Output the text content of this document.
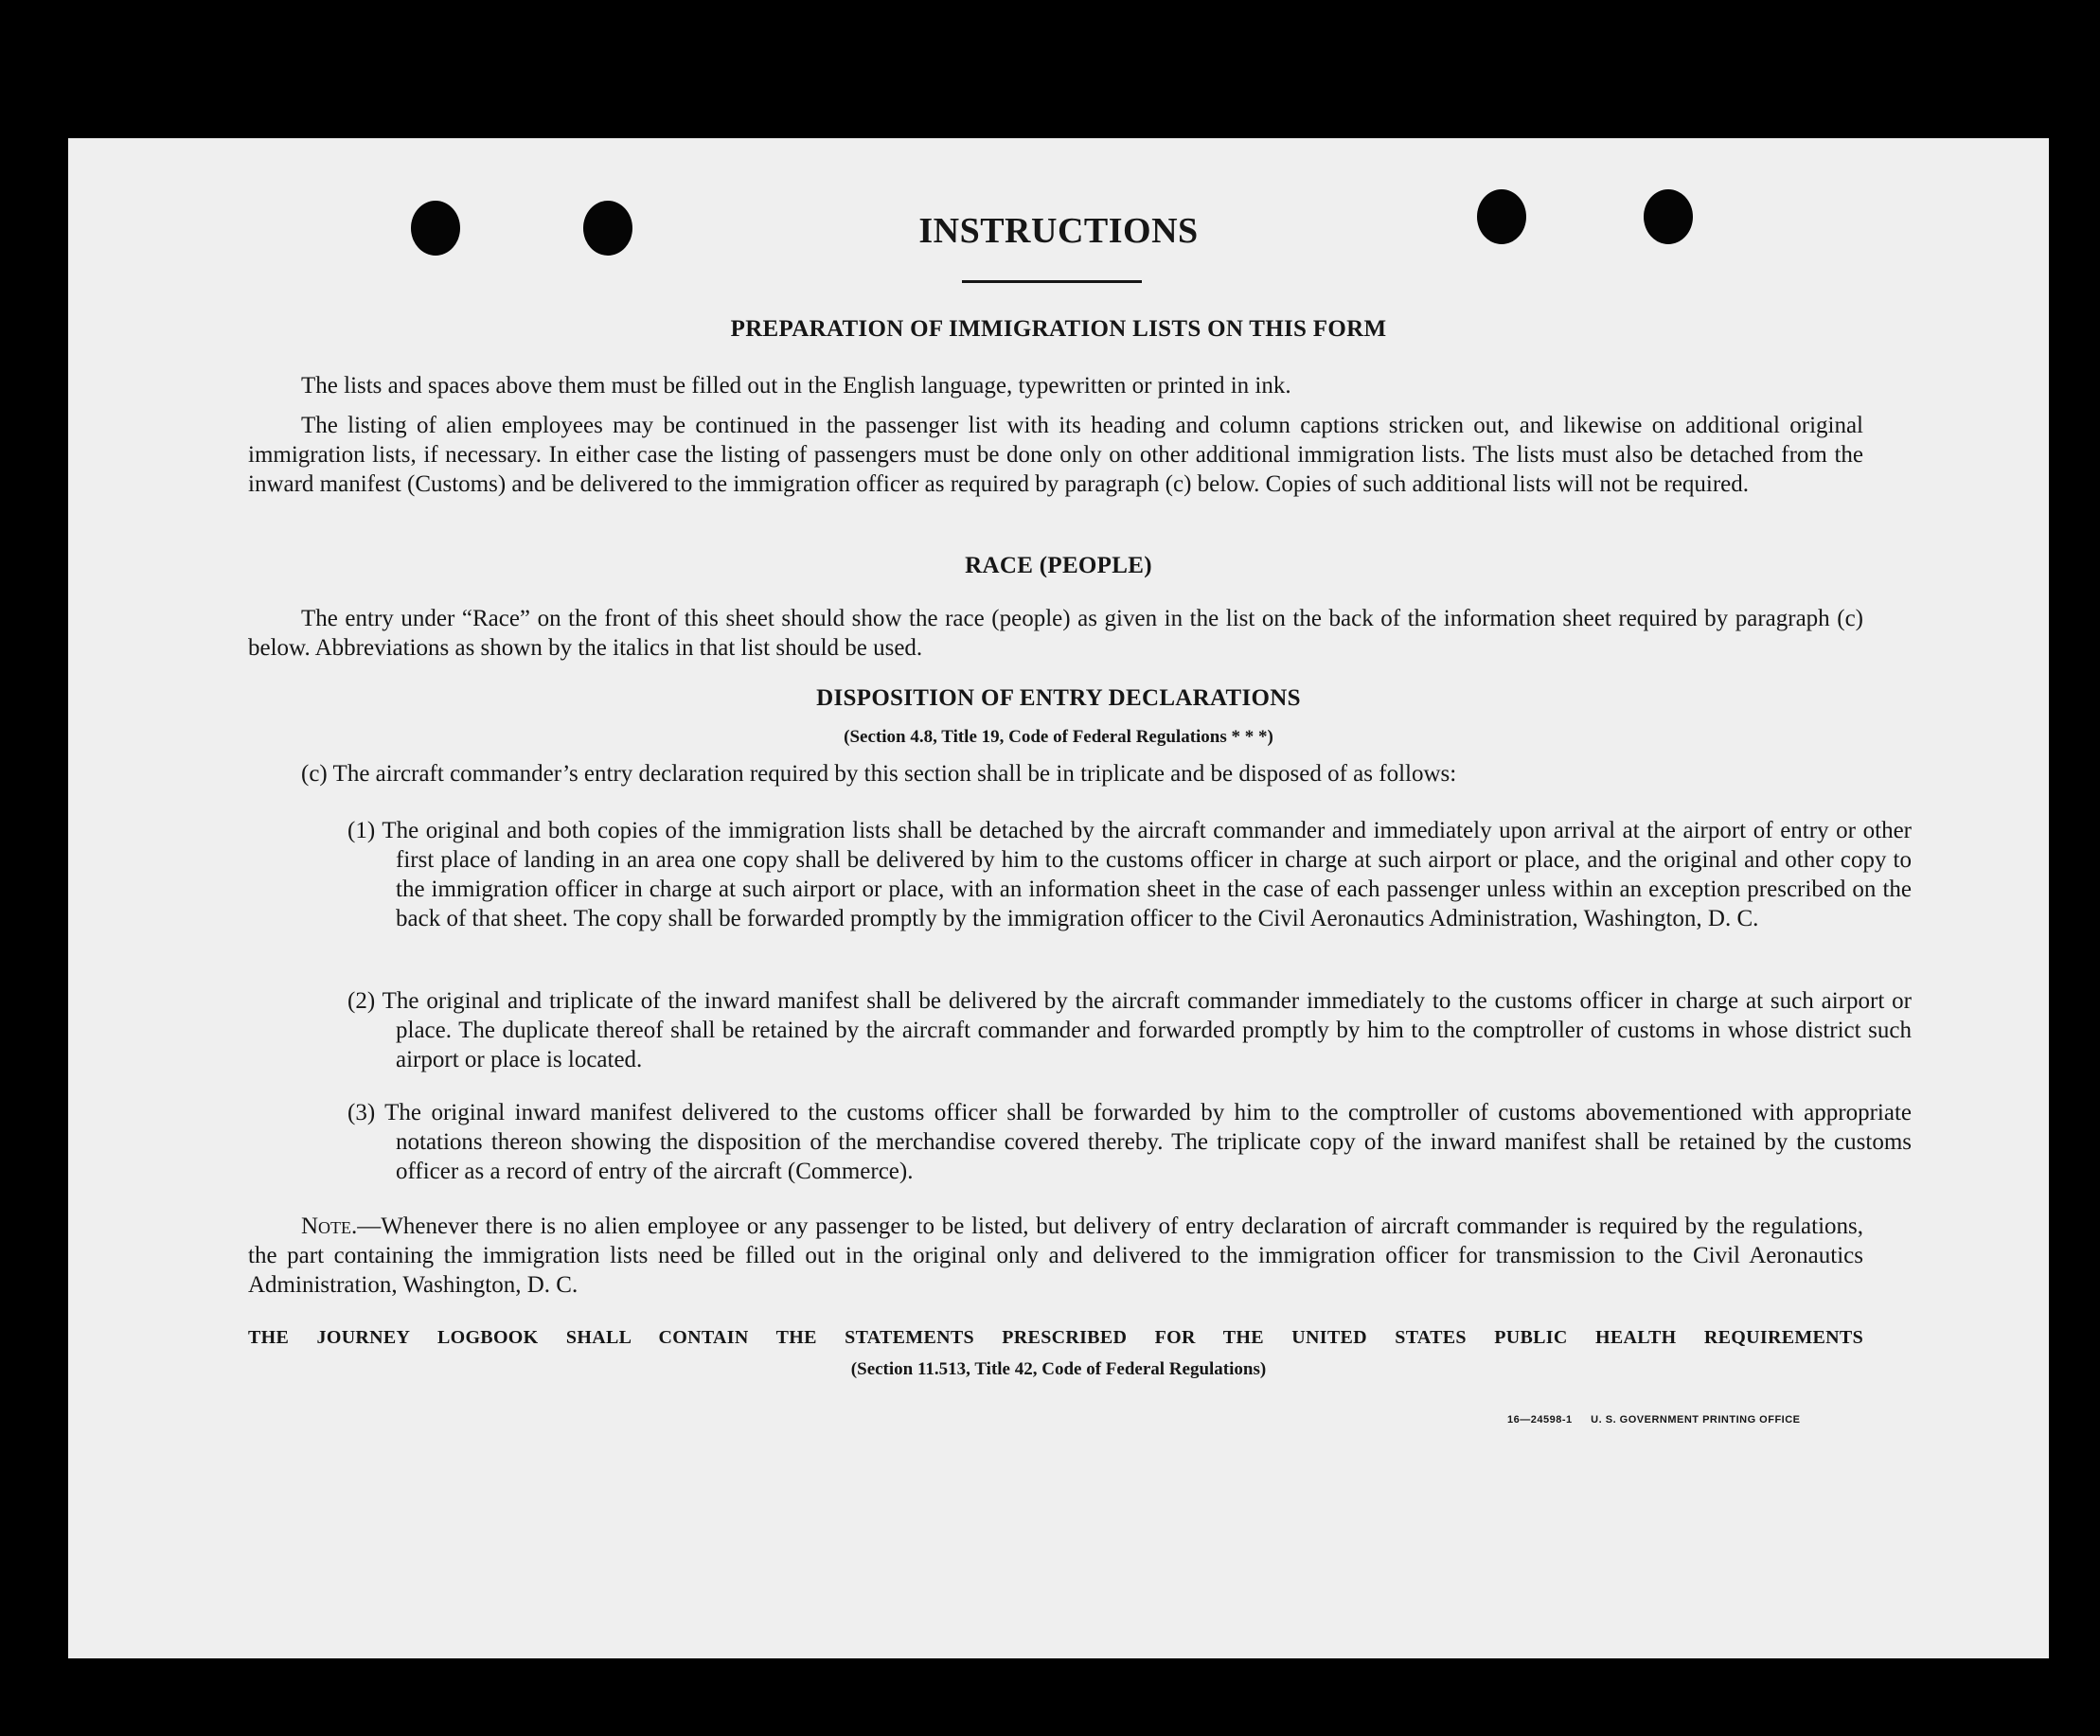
INSTRUCTIONS
PREPARATION OF IMMIGRATION LISTS ON THIS FORM

The lists and spaces above them must be filled out in the English language, typewritten or printed in ink.

The listing of alien employees may be continued in the passenger list with its heading and column captions stricken out, and likewise on additional original immigration lists, if necessary. In either case the listing of passengers must be done only on other additional immigration lists. The lists must also be detached from the inward manifest (Customs) and be delivered to the immigration officer as required by paragraph (c) below. Copies of such additional lists will not be required.

RACE (PEOPLE)

The entry under “Race” on the front of this sheet should show the race (people) as given in the list on the back of the information sheet required by paragraph (c) below. Abbreviations as shown by the italics in that list should be used.

DISPOSITION OF ENTRY DECLARATIONS

(Section 4.8, Title 19, Code of Federal Regulations * * *)

(c) The aircraft commander’s entry declaration required by this section shall be in triplicate and be disposed of as follows:

(1) The original and both copies of the immigration lists shall be detached by the aircraft commander and immediately upon arrival at the airport of entry or other first place of landing in an area one copy shall be delivered by him to the customs officer in charge at such airport or place, and the original and other copy to the immigration officer in charge at such airport or place, with an information sheet in the case of each passenger unless within an exception prescribed on the back of that sheet. The copy shall be forwarded promptly by the immigration officer to the Civil Aeronautics Administration, Washington, D. C.

(2) The original and triplicate of the inward manifest shall be delivered by the aircraft commander immediately to the customs officer in charge at such airport or place. The duplicate thereof shall be retained by the aircraft commander and forwarded promptly by him to the comptroller of customs in whose district such airport or place is located.

(3) The original inward manifest delivered to the customs officer shall be forwarded by him to the comptroller of customs abovementioned with appropriate notations thereon showing the disposition of the merchandise covered thereby. The triplicate copy of the inward manifest shall be retained by the customs officer as a record of entry of the aircraft (Commerce).

Note.—Whenever there is no alien employee or any passenger to be listed, but delivery of entry declaration of aircraft commander is required by the regulations, the part containing the immigration lists need be filled out in the original only and delivered to the immigration officer for transmission to the Civil Aeronautics Administration, Washington, D. C.

THE JOURNEY LOGBOOK SHALL CONTAIN THE STATEMENTS PRESCRIBED FOR THE UNITED STATES PUBLIC HEALTH REQUIREMENTS

(Section 11.513, Title 42, Code of Federal Regulations)

16—24598-1 U. S. GOVERNMENT PRINTING OFFICE
